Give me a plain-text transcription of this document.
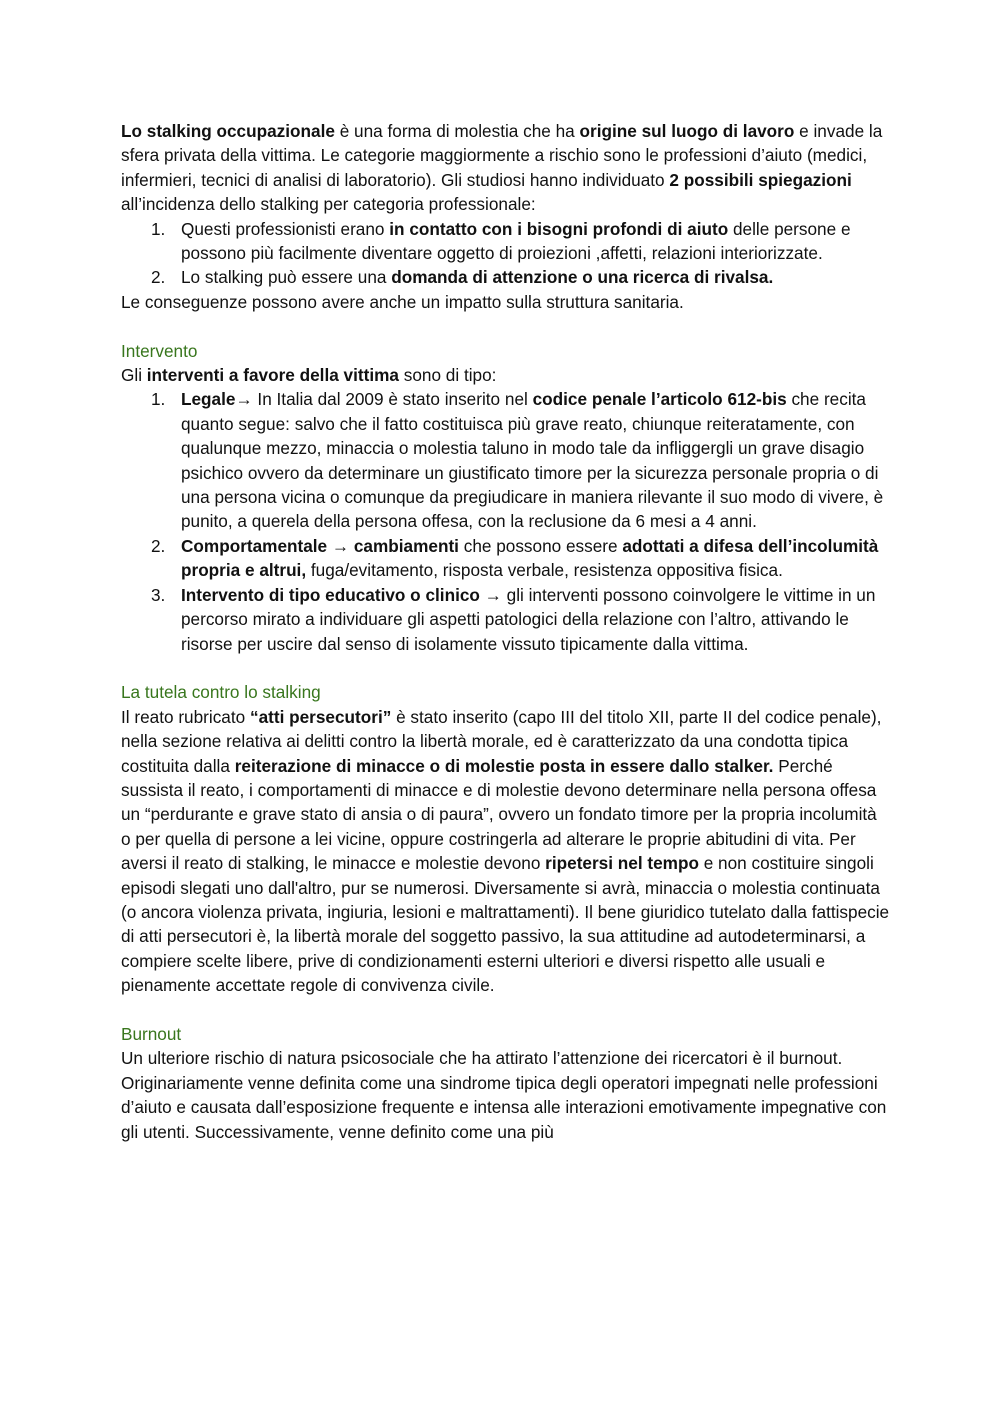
Lo stalking occupazionale è una forma di molestia che ha origine sul luogo di lavoro e invade la sfera privata della vittima. Le categorie maggiormente a rischio sono le professioni d’aiuto (medici, infermieri, tecnici di analisi di laboratorio). Gli studiosi hanno individuato 2 possibili spiegazioni all’incidenza dello stalking per categoria professionale:

1. Questi professionisti erano in contatto con i bisogni profondi di aiuto delle persone e possono più facilmente diventare oggetto di proiezioni ,affetti, relazioni interiorizzate.
2. Lo stalking può essere una domanda di attenzione o una ricerca di rivalsa.

Le conseguenze possono avere anche un impatto sulla struttura sanitaria.

Intervento

Gli interventi a favore della vittima sono di tipo:

1. Legale→ In Italia dal 2009 è stato inserito nel codice penale l’articolo 612-bis che recita quanto segue: salvo che il fatto costituisca più grave reato, chiunque reiteratamente, con qualunque mezzo, minaccia o molestia taluno in modo tale da infliggergli un grave disagio psichico ovvero da determinare un giustificato timore per la sicurezza personale propria o di una persona vicina o comunque da pregiudicare in maniera rilevante il suo modo di vivere, è punito, a querela della persona offesa, con la reclusione da 6 mesi a 4 anni.
2. Comportamentale → cambiamenti che possono essere adottati a difesa dell’incolumità propria e altrui, fuga/evitamento, risposta verbale, resistenza oppositiva fisica.
3. Intervento di tipo educativo o clinico → gli interventi possono coinvolgere le vittime in un percorso mirato a individuare gli aspetti patologici della relazione con l’altro, attivando le risorse per uscire dal senso di isolamente vissuto tipicamente dalla vittima.

La tutela contro lo stalking

Il reato rubricato “atti persecutori” è stato inserito (capo III del titolo XII, parte II del codice penale), nella sezione relativa ai delitti contro la libertà morale, ed è caratterizzato da una condotta tipica costituita dalla reiterazione di minacce o di molestie posta in essere dallo stalker. Perché sussista il reato, i comportamenti di minacce e di molestie devono determinare nella persona offesa un “perdurante e grave stato di ansia o di paura”, ovvero un fondato timore per la propria incolumità o per quella di persone a lei vicine, oppure costringerla ad alterare le proprie abitudini di vita. Per aversi il reato di stalking, le minacce e molestie devono ripetersi nel tempo e non costituire singoli episodi slegati uno dall'altro, pur se numerosi. Diversamente si avrà, minaccia o molestia continuata (o ancora violenza privata, ingiuria, lesioni e maltrattamenti). Il bene giuridico tutelato dalla fattispecie di atti persecutori è, la libertà morale del soggetto passivo, la sua attitudine ad autodeterminarsi, a compiere scelte libere, prive di condizionamenti esterni ulteriori e diversi rispetto alle usuali e pienamente accettate regole di convivenza civile.

Burnout

Un ulteriore rischio di natura psicosociale che ha attirato l’attenzione dei ricercatori è il burnout. Originariamente venne definita come una sindrome tipica degli operatori impegnati nelle professioni d’aiuto e causata dall’esposizione frequente e intensa alle interazioni emotivamente impegnative con gli utenti. Successivamente, venne definito come una più
